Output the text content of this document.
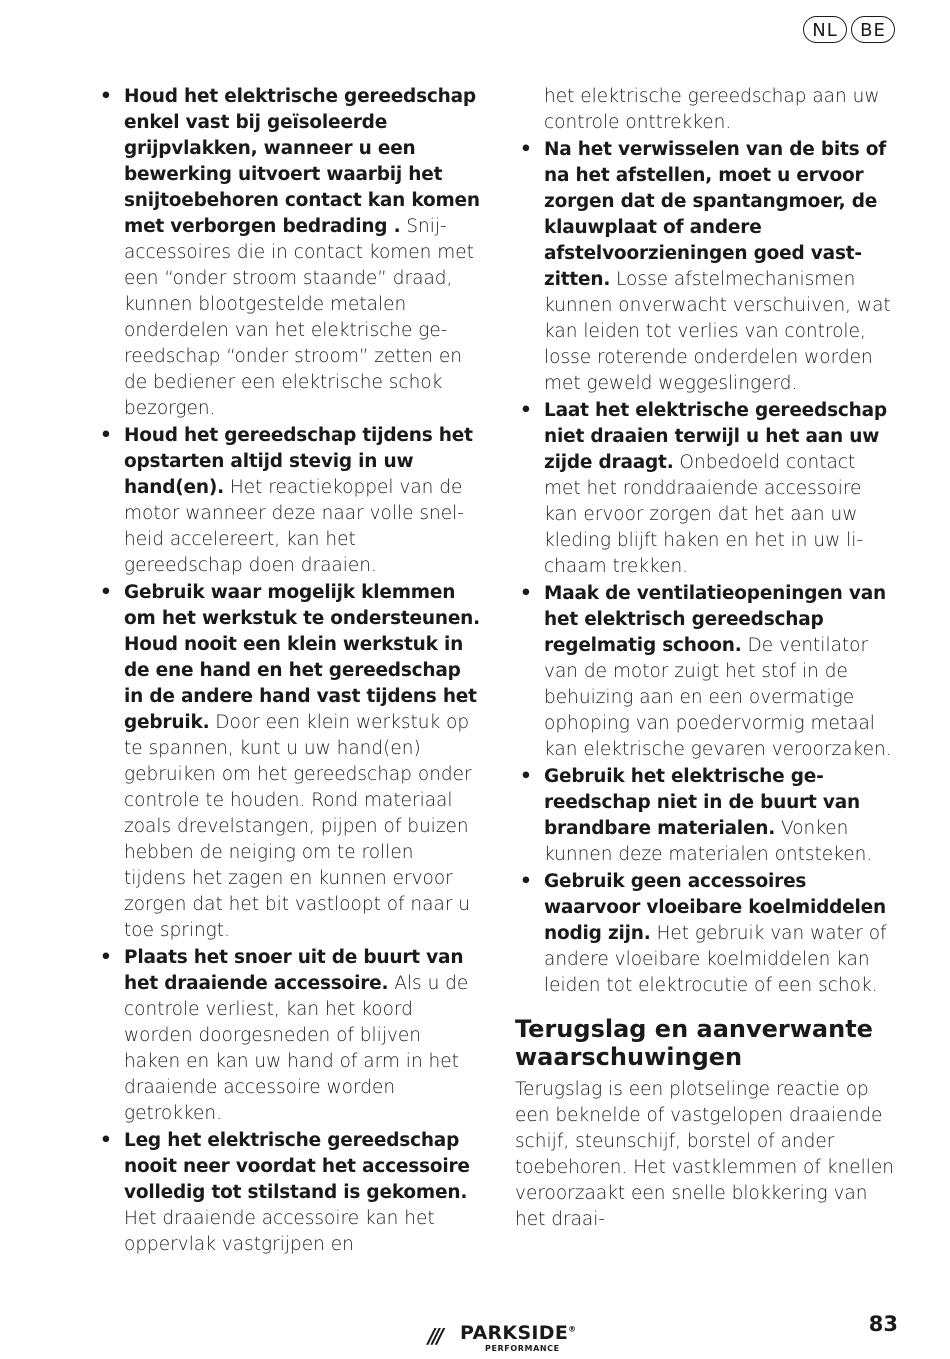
NL	BE
• Houd het elektrische gereedschap enkel vast bij geïsoleerde grijpvlakken, wanneer u een bewerking uitvoert waarbij het snijtoebehoren contact kan komen met verborgen bedrading . Snij-accessoires die in contact komen met een “onder stroom staande” draad, kunnen blootgestelde metalen onderdelen van het elektrische gereedschap “onder stroom” zetten en de bediener een elektrische schok bezorgen.
• Houd het gereedschap tijdens het opstarten altijd stevig in uw hand(en). Het reactiekoppel van de motor wanneer deze naar volle snelheid accelereert, kan het gereedschap doen draaien.
• Gebruik waar mogelijk klemmen om het werkstuk te ondersteunen. Houd nooit een klein werkstuk in de ene hand en het gereedschap in de andere hand vast tijdens het gebruik. Door een klein werkstuk op te spannen, kunt u uw hand(en) gebruiken om het gereedschap onder controle te houden. Rond materiaal zoals drevelstangen, pijpen of buizen hebben de neiging om te rollen tijdens het zagen en kunnen ervoor zorgen dat het bit vastloopt of naar u toe springt.
• Plaats het snoer uit de buurt van het draaiende accessoire. Als u de controle verliest, kan het koord worden doorgesneden of blijven haken en kan uw hand of arm in het draaiende accessoire worden getrokken.
• Leg het elektrische gereedschap nooit neer voordat het accessoire volledig tot stilstand is gekomen. Het draaiende accessoire kan het oppervlak vastgrijpen en

het elektrische gereedschap aan uw controle onttrekken.

• Na het verwisselen van de bits of na het afstellen, moet u ervoor zorgen dat de spantangmoer, de klauwplaat of andere afstelvoorzieningen goed vastzitten. Losse afstelmechanismen kunnen onverwacht verschuiven, wat kan leiden tot verlies van controle, losse roterende onderdelen worden met geweld weggeslingerd.
• Laat het elektrische gereedschap niet draaien terwijl u het aan uw zijde draagt. Onbedoeld contact met het ronddraaiende accessoire kan ervoor zorgen dat het aan uw kleding blijft haken en het in uw lichaam trekken.
• Maak de ventilatieopeningen van het elektrisch gereedschap regelmatig schoon. De ventilator van de motor zuigt het stof in de behuizing aan en een overmatige ophoping van poedervormig metaal kan elektrische gevaren veroorzaken.
• Gebruik het elektrische gereedschap niet in de buurt van brandbare materialen. Vonken kunnen deze materialen ontsteken.
• Gebruik geen accessoires waarvoor vloeibare koelmiddelen nodig zijn. Het gebruik van water of andere vloeibare koelmiddelen kan leiden tot elektrocutie of een schok.
Terugslag en aanverwante waarschuwingen

Terugslag is een plotselinge reactie op een beknelde of vastgelopen draaiende schijf, steunschijf, borstel of ander toebehoren. Het vastklemmen of knellen veroorzaakt een snelle blokkering van het draai-

/// PARKSIDE®
PERFORMANCE
83
